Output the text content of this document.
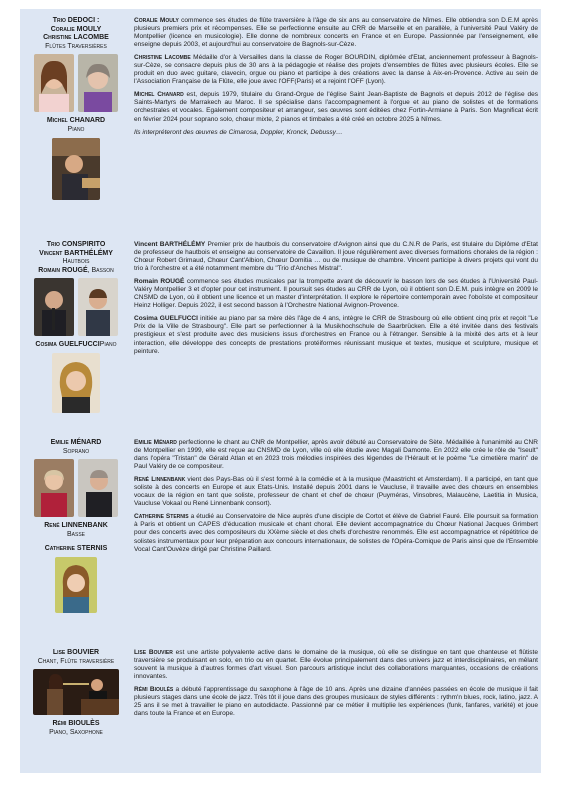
Trio DEDOCI :
Coralie MOULY
Christine LACOMBE
Flûtes Traversières
Michel CHANARD
Piano

Coralie Mouly commence ses études de flûte traversière à l'âge de six ans au conservatoire de Nîmes. Elle obtiendra son D.E.M après plusieurs premiers prix et récompenses. Elle se perfectionne ensuite au CRR de Marseille et en parallèle, à l'université Paul Valéry de Montpellier (licence en musicologie). Elle donne de nombreux concerts en France et en Europe. Passionnée par l'enseignement, elle enseigne depuis 2003, et aujourd'hui au conservatoire de Bagnols-sur-Cèze.

Christine Lacombe Médaille d'or à Versailles dans la classe de Roger BOURDIN, diplômée d'Etat, anciennement professeur à Bagnols-sur-Cèze, se consacre depuis plus de 30 ans à la pédagogie et réalise des projets d'ensembles de flûtes avec plusieurs écoles. Elle se produit en duo avec guitare, clavecin, orgue ou piano et participe à des créations avec la danse à Aix-en-Provence. Active au sein de l'Association Française de la Flûte, elle joue avec l'OFF(Paris) et a rejoint l'OFF (Lyon).

Michel Chanard est, depuis 1979, titulaire du Grand-Orgue de l'église Saint Jean-Baptiste de Bagnols et depuis 2012 de l'église des Saints-Martyrs de Marrakech au Maroc. Il se spécialise dans l'accompagnement à l'orgue et au piano de solistes et de formations orchestrales et vocales. Egalement compositeur et arrangeur, ses œuvres sont éditées chez Fortin-Armiane à Paris. Son Magnificat écrit en février 2024 pour soprano solo, chœur mixte, 2 pianos et timbales a été créé en octobre 2025 à Nîmes.

Ils interpréteront des œuvres de Cimarosa, Doppler, Kronck, Debussy…

Trio CONSPIRITO
Vincent BARTHÉLÉMY
Hautbois
Romain ROUGÉ, Basson
Cosima GUELFUCCIPiano

Vincent BARTHÉLÉMY Premier prix de hautbois du conservatoire d'Avignon ainsi que du C.N.R de Paris, est titulaire du Diplôme d'Etat de professeur de hautbois et enseigne au conservatoire de Cavaillon. Il joue régulièrement avec diverses formations chorales de la région : Chœur Robert Grimaud, Chœur Cant'Albion, Chœur Domitia … ou de musique de chambre. Vincent participe à divers projets qui vont du trio à l'orchestre et a été notamment membre du "Trio d'Anches Mistral".

Romain ROUGÉ commence ses études musicales par la trompette avant de découvrir le basson lors de ses études à l'Université Paul-Valéry Montpellier 3 et d'opter pour cet instrument. Il poursuit ses études au CRR de Lyon, où il obtient son D.E.M. puis intègre en 2009 le CNSMD de Lyon, où il obtient une licence et un master d'interprétation. Il explore le répertoire contemporain avec l'oboïste et compositeur Heinz Holliger. Depuis 2022, il est second basson à l'Orchestre National Avignon-Provence.

Cosima GUELFUCCI initiée au piano par sa mère dès l'âge de 4 ans, intègre le CRR de Strasbourg où elle obtient cinq prix et reçoit "Le Prix de la Ville de Strasbourg". Elle part se perfectionner à la Musikhochschule de Saarbrücken. Elle a été invitée dans des festivals prestigieux et s'est produite avec des musiciens issus d'orchestres en France ou à l'étranger. Sensible à la mixité des arts et à leur interaction, elle développe des concepts de prestations protéiformes réunissant musique et textes, musique et sculpture, musique et peinture.

Emilie MÉNARD
Soprano
René LINNENBANK
Basse
Catherine STERNIS

Emilie Ménard perfectionne le chant au CNR de Montpellier, après avoir débuté au Conservatoire de Sète. Médaillée à l'unanimité au CNR de Montpellier en 1999, elle est reçue au CNSMD de Lyon, ville où elle étudie avec Magali Damonte. En 2022 elle crée le rôle de "Iseult" dans l'opéra "Tristan" de Gérald Atlan et en 2023 trois mélodies inspirées des légendes de l'Hérault et le poème "Le cimetière marin" de Paul Valéry de ce compositeur.

René Linnenbank vient des Pays-Bas où il s'est formé à la comédie et à la musique (Maastricht et Amsterdam). Il a participé, en tant que soliste à des concerts en Europe et aux Etats-Unis. Installé depuis 2001 dans le Vaucluse, il travaille avec des chœurs en ensembles vocaux de la région en tant que soliste, professeur de chant et chef de chœur (Puyméras, Vinsobres, Malaucène, Laetitia in Musica, Vaucluse Vokaal ou René Linnenbank consort).

Catherine Sternis a étudié au Conservatoire de Nice auprès d'une disciple de Cortot et élève de Gabriel Fauré. Elle poursuit sa formation à Paris et obtient un CAPES d'éducation musicale et chant choral. Elle devient accompagnatrice du Chœur National Jacques Grimbert pour des concerts avec des compositeurs du XXème siècle et des chefs d'orchestre renommés. Elle est accompagnatrice et répétitrice de solistes instrumentaux pour leur préparation aux concours internationaux, de solistes de l'Opéra-Comique de Paris ainsi que de l'Ensemble Vocal Cant'Ouvèze dirigé par Christine Paillard.

Lise BOUVIER
Chant, Flûte traversière
Rémi BIOULÈS
Piano, Saxophone

Lise Bouvier est une artiste polyvalente active dans le domaine de la musique, où elle se distingue en tant que chanteuse et flûtiste traversière se produisant en solo, en trio ou en quartet. Elle évolue principalement dans des univers jazz et interdisciplinaires, en mêlant souvent la musique à d'autres formes d'art visuel. Son parcours artistique inclut des collaborations marquantes, occasions de créations innovantes.

Rémi Bioulès a débuté l'apprentissage du saxophone à l'âge de 10 ans. Après une dizaine d'années passées en école de musique il fait plusieurs stages dans une école de jazz. Très tôt il joue dans des groupes musicaux de styles différents : rythm'n blues, rock, latino, jazz. A 25 ans il se met à travailler le piano en autodidacte. Passionné par ce métier il multiplie les expériences (funk, fanfares, variété) et joue dans toute la France et en Europe.
